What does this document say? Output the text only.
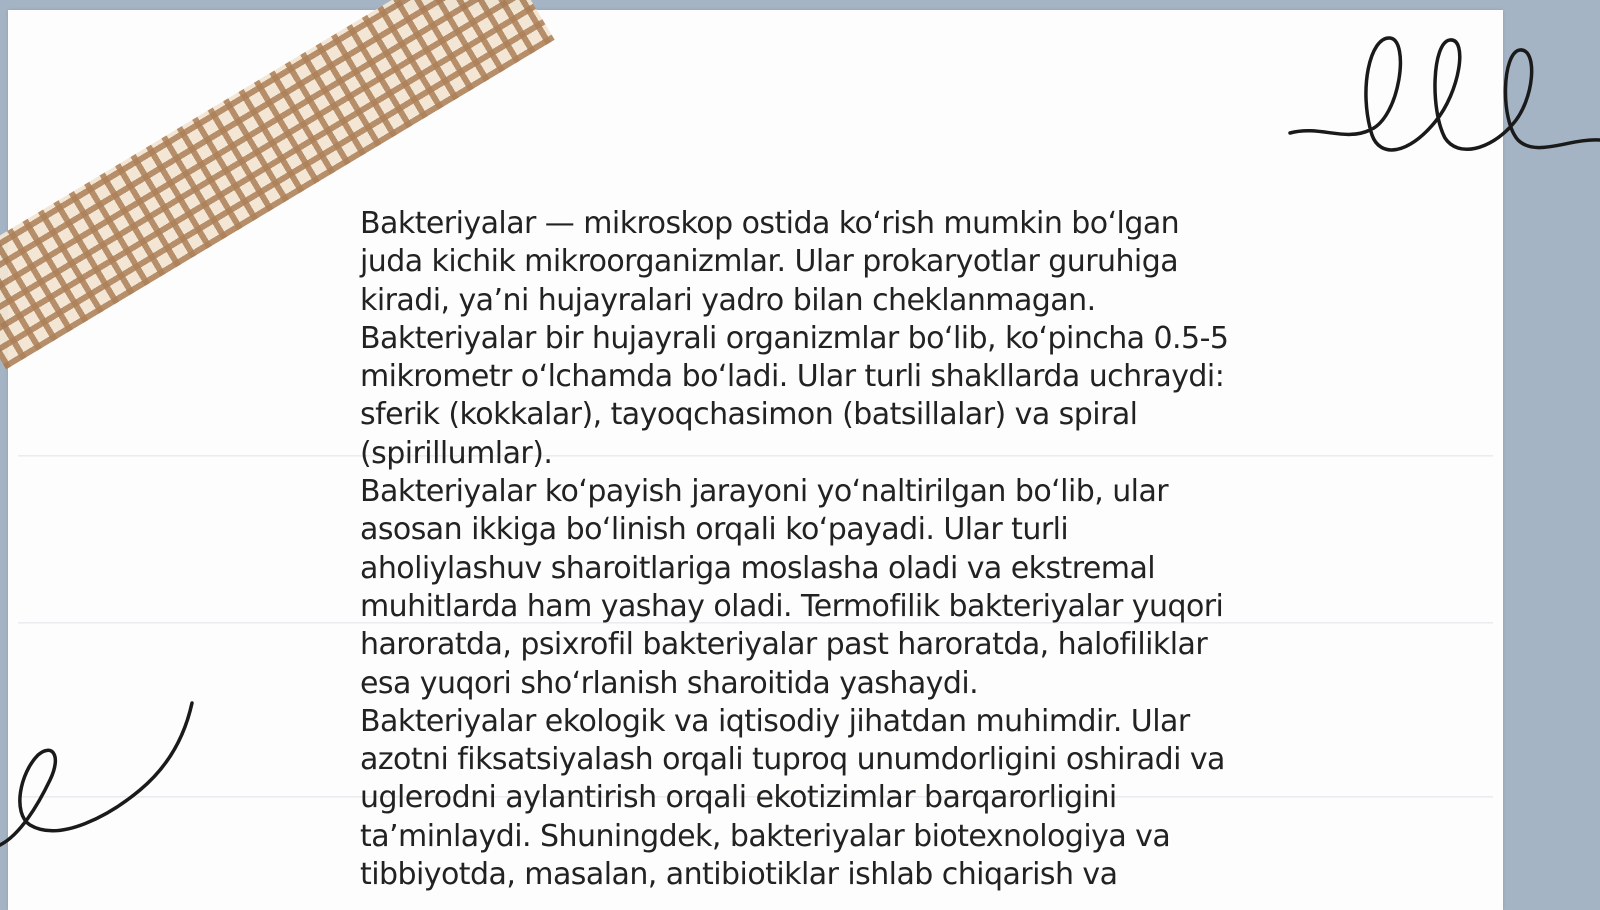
Bakteriyalar — mikroskop ostida ko‘rish mumkin bo‘lgan juda kichik mikroorganizmlar. Ular prokaryotlar guruhiga kiradi, ya’ni hujayralari yadro bilan cheklanmagan. Bakteriyalar bir hujayrali organizmlar bo‘lib, ko‘pincha 0.5-5 mikrometr o‘lchamda bo‘ladi. Ular turli shakllarda uchraydi: sferik (kokkalar), tayoqchasimon (batsillalar) va spiral (spirillumlar).

Bakteriyalar ko‘payish jarayoni yo‘naltirilgan bo‘lib, ular asosan ikkiga bo‘linish orqali ko‘payadi. Ular turli aholiylashuv sharoitlariga moslasha oladi va ekstremal muhitlarda ham yashay oladi. Termofilik bakteriyalar yuqori haroratda, psixrofil bakteriyalar past haroratda, halofiliklar esa yuqori sho‘rlanish sharoitida yashaydi.

Bakteriyalar ekologik va iqtisodiy jihatdan muhimdir. Ular azotni fiksatsiyalash orqali tuproq unumdorligini oshiradi va uglerodni aylantirish orqali ekotizimlar barqarorligini ta’minlaydi. Shuningdek, bakteriyalar biotexnologiya va tibbiyotda, masalan, antibiotiklar ishlab chiqarish va
